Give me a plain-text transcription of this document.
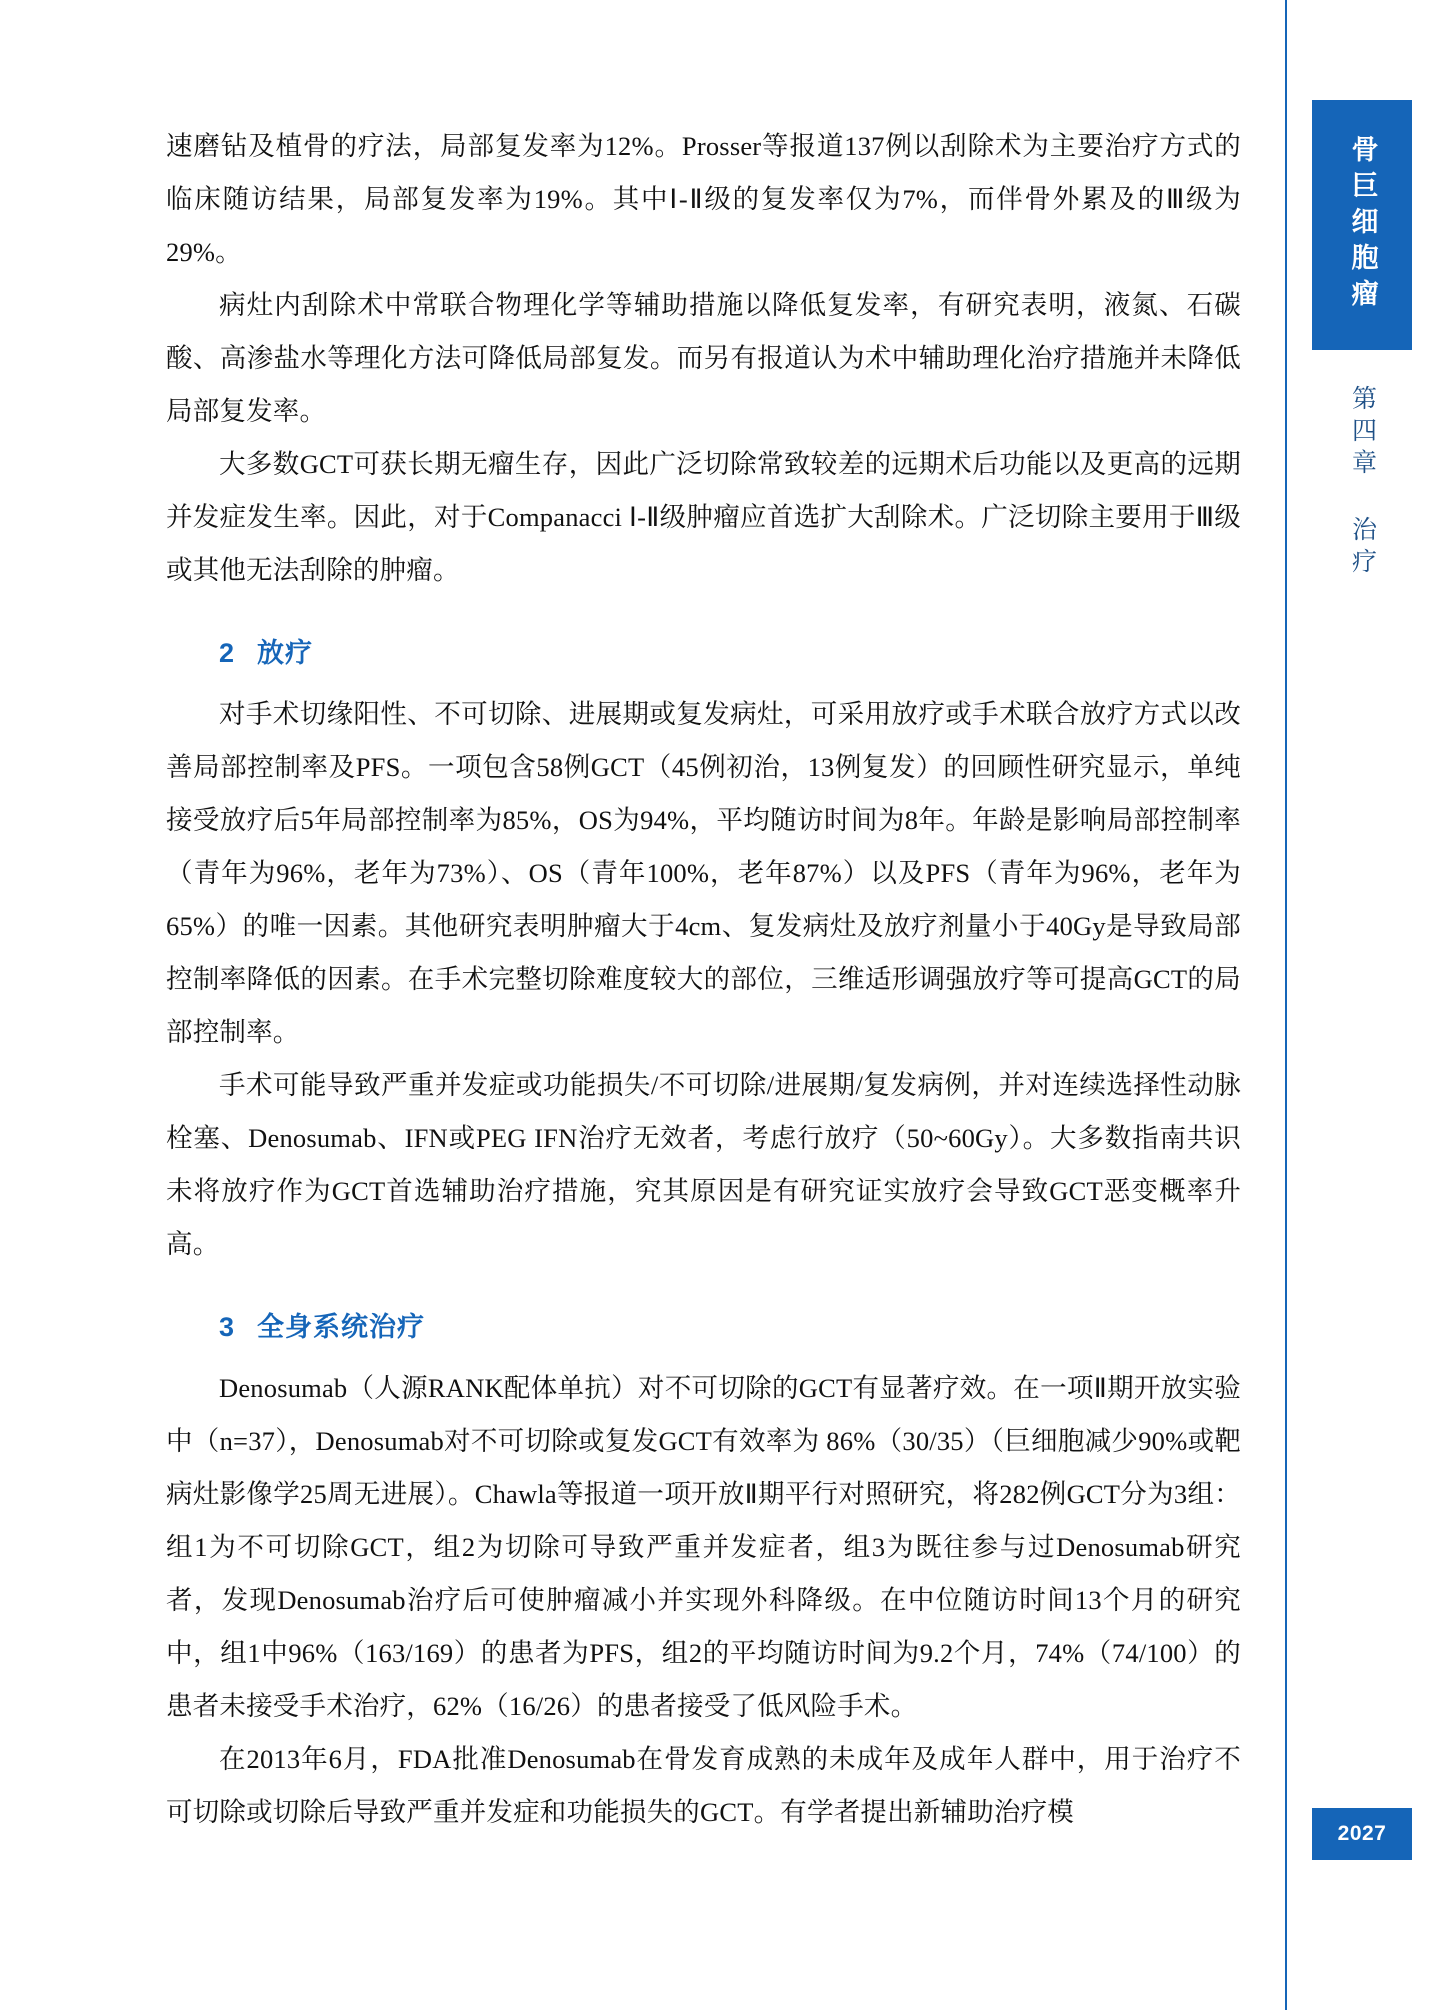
速磨钻及植骨的疗法，局部复发率为12%。Prosser等报道137例以刮除术为主要治疗方式的临床随访结果，局部复发率为19%。其中Ⅰ-Ⅱ级的复发率仅为7%，而伴骨外累及的Ⅲ级为29%。

病灶内刮除术中常联合物理化学等辅助措施以降低复发率，有研究表明，液氮、石碳酸、高渗盐水等理化方法可降低局部复发。而另有报道认为术中辅助理化治疗措施并未降低局部复发率。

大多数GCT可获长期无瘤生存，因此广泛切除常致较差的远期术后功能以及更高的远期并发症发生率。因此，对于Companacci Ⅰ-Ⅱ级肿瘤应首选扩大刮除术。广泛切除主要用于Ⅲ级或其他无法刮除的肿瘤。

2 放疗

对手术切缘阳性、不可切除、进展期或复发病灶，可采用放疗或手术联合放疗方式以改善局部控制率及PFS。一项包含58例GCT（45例初治，13例复发）的回顾性研究显示，单纯接受放疗后5年局部控制率为85%，OS为94%，平均随访时间为8年。年龄是影响局部控制率（青年为96%，老年为73%）、OS（青年100%，老年87%）以及PFS（青年为96%，老年为65%）的唯一因素。其他研究表明肿瘤大于4cm、复发病灶及放疗剂量小于40Gy是导致局部控制率降低的因素。在手术完整切除难度较大的部位，三维适形调强放疗等可提高GCT的局部控制率。

手术可能导致严重并发症或功能损失/不可切除/进展期/复发病例，并对连续选择性动脉栓塞、Denosumab、IFN或PEG IFN治疗无效者，考虑行放疗（50~60Gy）。大多数指南共识未将放疗作为GCT首选辅助治疗措施，究其原因是有研究证实放疗会导致GCT恶变概率升高。

3 全身系统治疗

Denosumab（人源RANK配体单抗）对不可切除的GCT有显著疗效。在一项Ⅱ期开放实验中（n=37），Denosumab对不可切除或复发GCT有效率为 86%（30/35）（巨细胞减少90%或靶病灶影像学25周无进展）。Chawla等报道一项开放Ⅱ期平行对照研究，将282例GCT分为3组：组1为不可切除GCT，组2为切除可导致严重并发症者，组3为既往参与过Denosumab研究者，发现Denosumab治疗后可使肿瘤减小并实现外科降级。在中位随访时间13个月的研究中，组1中96%（163/169）的患者为PFS，组2的平均随访时间为9.2个月，74%（74/100）的患者未接受手术治疗，62%（16/26）的患者接受了低风险手术。

在2013年6月，FDA批准Denosumab在骨发育成熟的未成年及成年人群中，用于治疗不可切除或切除后导致严重并发症和功能损失的GCT。有学者提出新辅助治疗模

骨巨细胞瘤
第四章 治疗
2027
